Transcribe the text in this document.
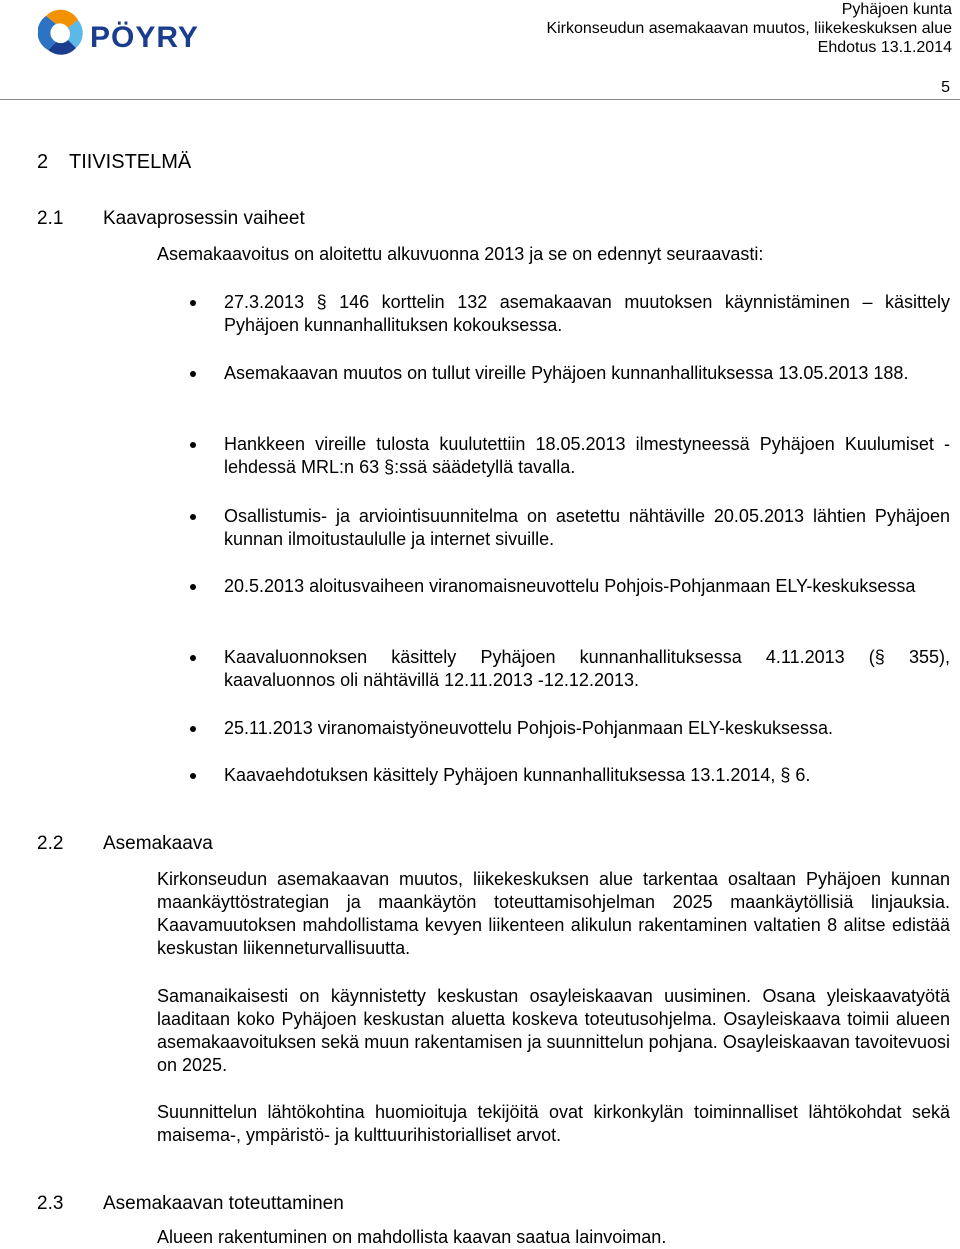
PÖYRY
Pyhäjoen kunta
Kirkonseudun asemakaavan muutos, liikekeskuksen alue
Ehdotus 13.1.2014
5
2 TIIVISTELMÄ
2.1 Kaavaprosessin vaiheet
Asemakaavoitus on aloitettu alkuvuonna 2013 ja se on edennyt seuraavasti:
27.3.2013 § 146 korttelin 132 asemakaavan muutoksen käynnistäminen – käsittely Pyhäjoen kunnanhallituksen kokouksessa.
Asemakaavan muutos on tullut vireille Pyhäjoen kunnanhallituksessa 13.05.2013 188.
Hankkeen vireille tulosta kuulutettiin 18.05.2013 ilmestyneessä Pyhäjoen Kuulumiset -lehdessä MRL:n 63 §:ssä säädetyllä tavalla.
Osallistumis- ja arviointisuunnitelma on asetettu nähtäville 20.05.2013 lähtien Pyhäjoen kunnan ilmoitustaululle ja internet sivuille.
20.5.2013 aloitusvaiheen viranomaisneuvottelu Pohjois-Pohjanmaan ELY-keskuksessa
Kaavaluonnoksen käsittely Pyhäjoen kunnanhallituksessa 4.11.2013 (§ 355), kaavaluonnos oli nähtävillä 12.11.2013 -12.12.2013.
25.11.2013 viranomaistyöneuvottelu Pohjois-Pohjanmaan ELY-keskuksessa.
Kaavaehdotuksen käsittely Pyhäjoen kunnanhallituksessa 13.1.2014, § 6.
2.2 Asemakaava
Kirkonseudun asemakaavan muutos, liikekeskuksen alue tarkentaa osaltaan Pyhäjoen kunnan maankäyttöstrategian ja maankäytön toteuttamisohjelman 2025 maankäytöllisiä linjauksia. Kaavamuutoksen mahdollistama kevyen liikenteen alikulun rakentaminen valtatien 8 alitse edistää keskustan liikenneturvallisuutta.
Samanaikaisesti on käynnistetty keskustan osayleiskaavan uusiminen. Osana yleiskaavatyötä laaditaan koko Pyhäjoen keskustan aluetta koskeva toteutusohjelma. Osayleiskaava toimii alueen asemakaavoituksen sekä muun rakentamisen ja suunnittelun pohjana. Osayleiskaavan tavoitevuosi on 2025.
Suunnittelun lähtökohtina huomioituja tekijöitä ovat kirkonkylän toiminnalliset lähtökohdat sekä maisema-, ympäristö- ja kulttuurihistorialliset arvot.
2.3 Asemakaavan toteuttaminen
Alueen rakentuminen on mahdollista kaavan saatua lainvoiman.
